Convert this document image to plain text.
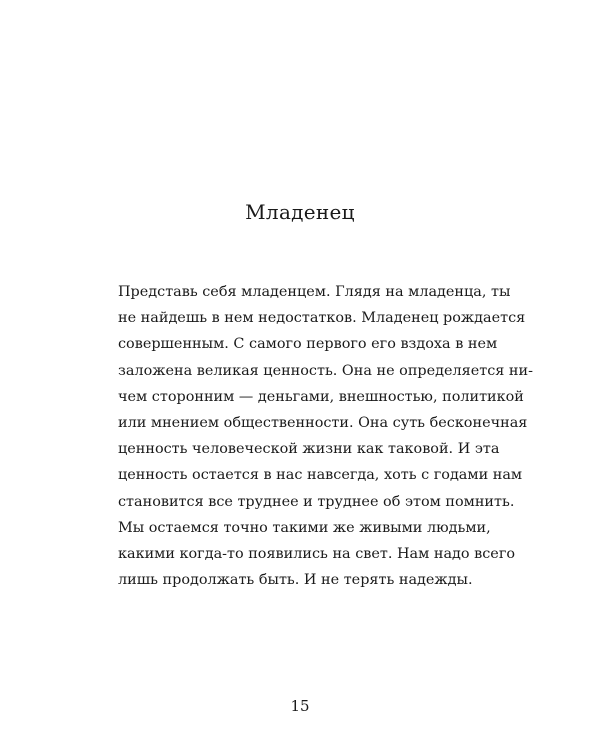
Младенец

Представь себя младенцем. Глядя на младенца, ты
не найдешь в нем недостатков. Младенец рождается
совершенным. С самого первого его вздоха в нем
заложена великая ценность. Она не определяется ни-
чем сторонним — деньгами, внешностью, политикой
или мнением общественности. Она суть бесконечная
ценность человеческой жизни как таковой. И эта
ценность остается в нас навсегда, хоть с годами нам
становится все труднее и труднее об этом помнить.
Мы остаемся точно такими же живыми людьми,
какими когда-то появились на свет. Нам надо всего
лишь продолжать быть. И не терять надежды.

15
